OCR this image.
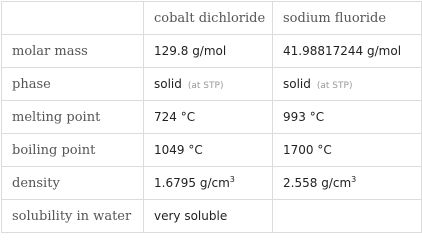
	cobalt dichloride	sodium fluoride
molar mass	129.8 g/mol	41.98817244 g/mol
phase	solid (at STP)	solid (at STP)
melting point	724 °C	993 °C
boiling point	1049 °C	1700 °C
density	1.6795 $g/cm^3$	2.558 $g/cm^3$
solubility in water	very soluble	
